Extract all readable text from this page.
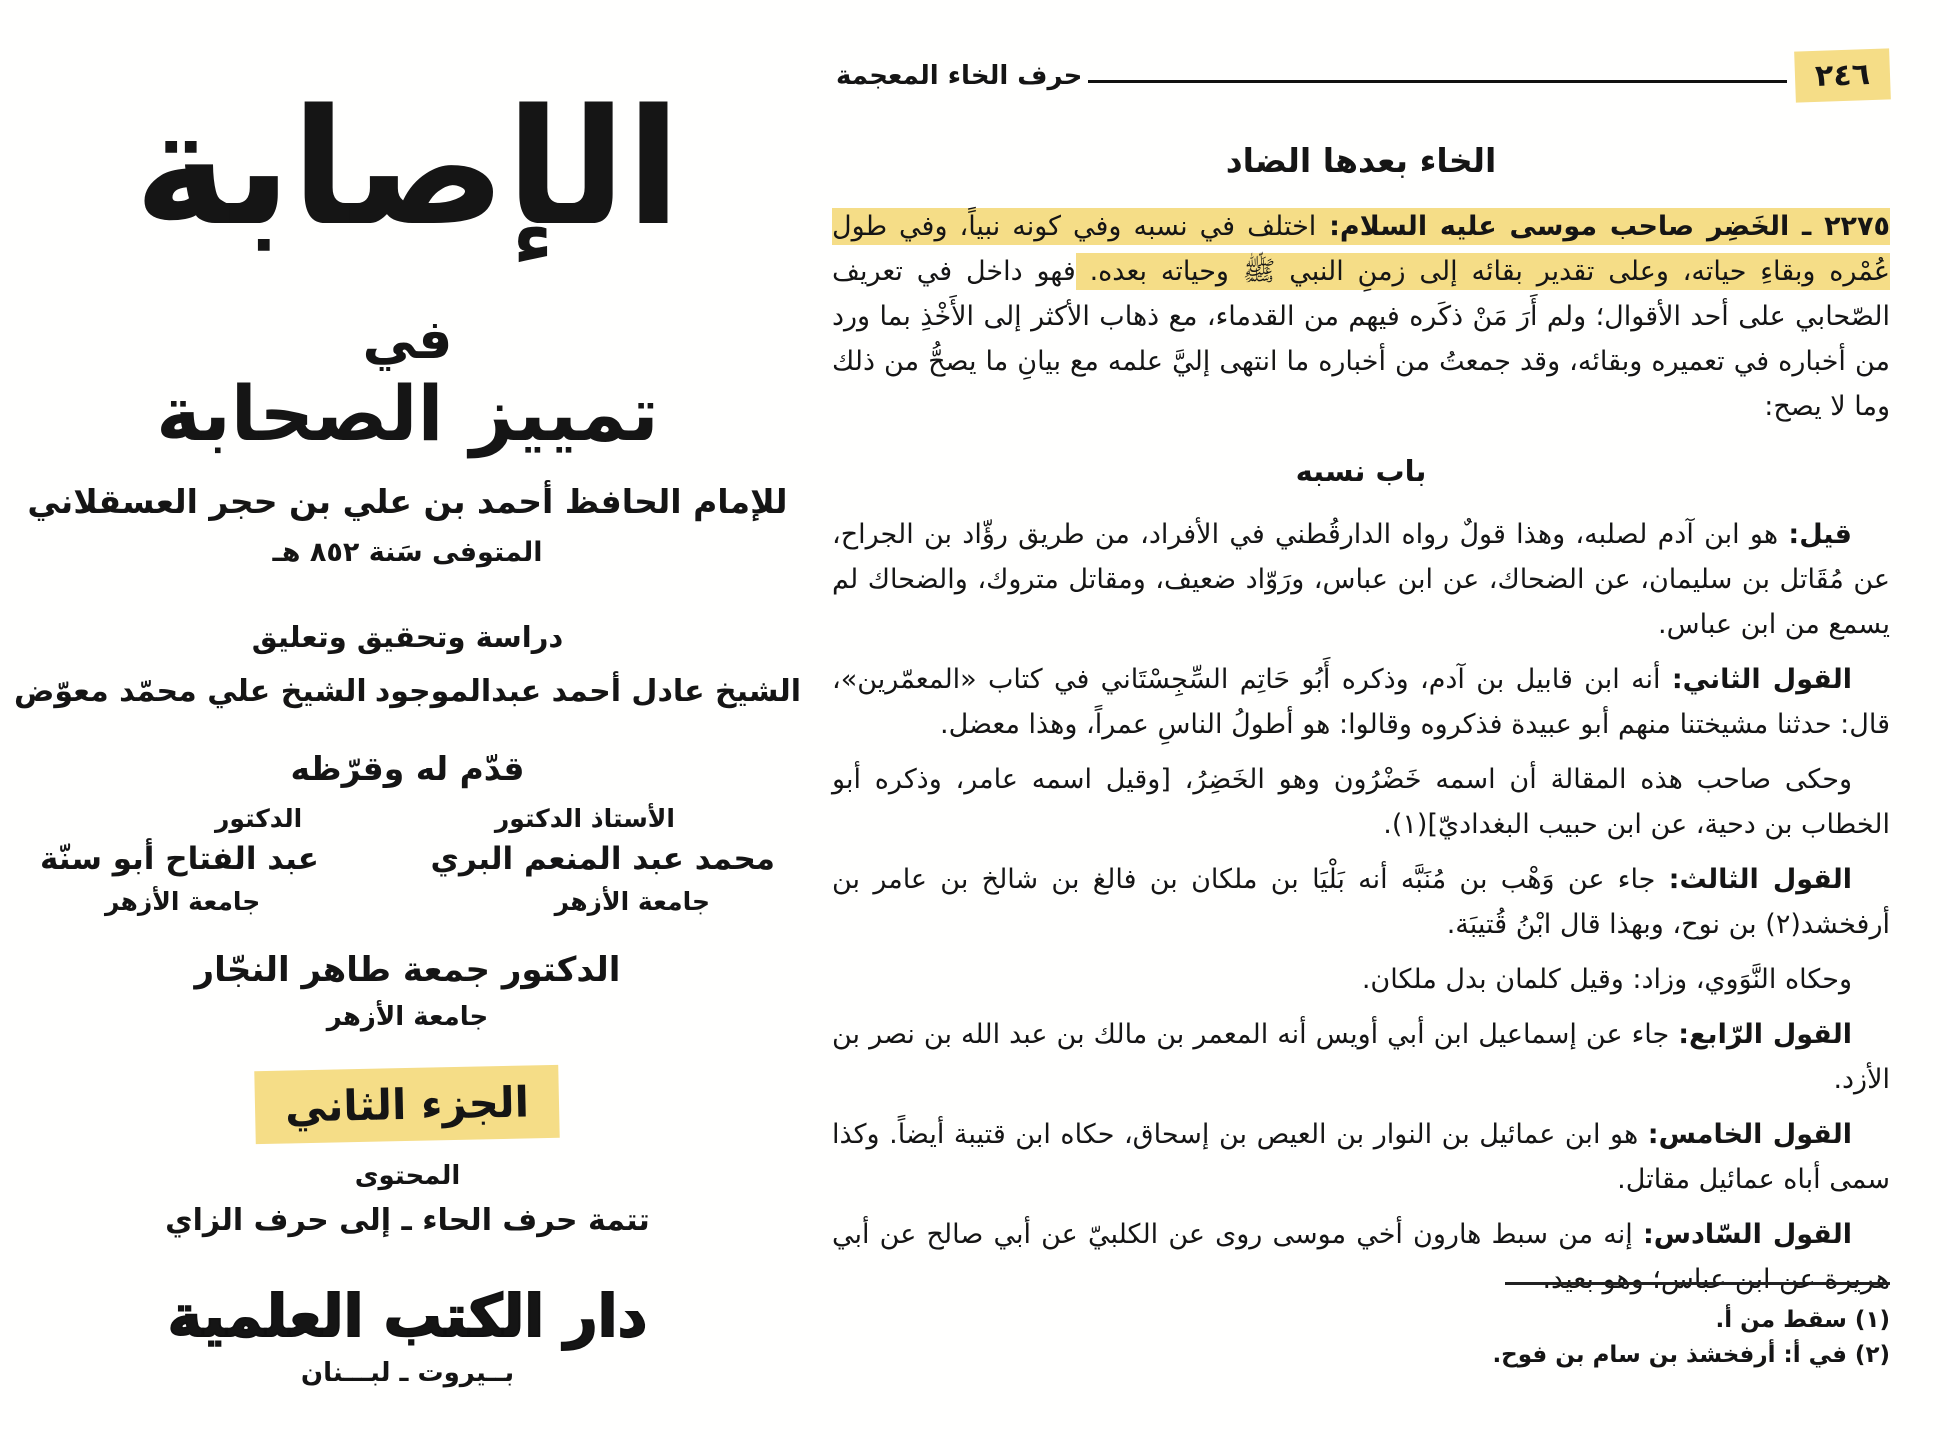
الإصابة
في
تمييز الصحابة
للإمام الحافظ أحمد بن علي بن حجر العسقلاني
المتوفى سَنة ٨٥٢ هـ
دراسة وتحقيق وتعليق
الشيخ عادل أحمد عبدالموجود
الشيخ علي محمّد معوّض
قدّم له وقرّظه
الأستاذ الدكتور
الدكتور
محمد عبد المنعم البري
عبد الفتاح أبو سنّة
جامعة الأزهر
جامعة الأزهر
الدكتور جمعة طاهر النجّار
جامعة الأزهر
الجزء الثاني
المحتوى
تتمة حرف الحاء ـ إلى حرف الزاي
دار الكتب العلمية
بــيروت ـ لبـــنان
٢٤٦
حرف الخاء المعجمة
الخاء بعدها الضاد

٢٢٧٥ ـ الخَضِر صاحب موسى عليه السلام: اختلف في نسبه وفي كونه نبياً، وفي طول عُمْره وبقاءِ حياته، وعلى تقدير بقائه إلى زمنِ النبي ﷺ وحياته بعده. فهو داخل في تعريف الصّحابي على أحد الأقوال؛ ولم أَرَ مَنْ ذكَره فيهم من القدماء، مع ذهاب الأكثر إلى الأَخْذِ بما ورد من أخباره في تعميره وبقائه، وقد جمعتُ من أخباره ما انتهى إليَّ علمه مع بيانِ ما يصحُّ من ذلك وما لا يصح:

باب نسبه

قيل: هو ابن آدم لصلبه، وهذا قولٌ رواه الدارقُطني في الأفراد، من طريق رؤّاد بن الجراح، عن مُقَاتل بن سليمان، عن الضحاك، عن ابن عباس، ورَوّاد ضعيف، ومقاتل متروك، والضحاك لم يسمع من ابن عباس.

القول الثاني: أنه ابن قابيل بن آدم، وذكره أَبُو حَاتِم السِّجِسْتَاني في كتاب «المعمّرين»، قال: حدثنا مشيختنا منهم أبو عبيدة فذكروه وقالوا: هو أطولُ الناسِ عمراً، وهذا معضل.

وحكى صاحب هذه المقالة أن اسمه خَضْرُون وهو الخَضِرُ، [وقيل اسمه عامر، وذكره أبو الخطاب بن دحية، عن ابن حبيب البغداديّ](١).

القول الثالث: جاء عن وَهْب بن مُنَبَّه أنه بَلْيَا بن ملكان بن فالغ بن شالخ بن عامر بن أرفخشد(٢) بن نوح، وبهذا قال ابْنُ قُتيبَة.

وحكاه النَّوَوي، وزاد: وقيل كلمان بدل ملكان.

القول الرّابع: جاء عن إسماعيل ابن أبي أويس أنه المعمر بن مالك بن عبد الله بن نصر بن الأزد.

القول الخامس: هو ابن عمائيل بن النوار بن العيص بن إسحاق، حكاه ابن قتيبة أيضاً. وكذا سمى أباه عمائيل مقاتل.

القول السّادس: إنه من سبط هارون أخي موسى روى عن الكلبيّ عن أبي صالح عن أبي هريرة عن ابن عباس؛ وهو بعيد.

(١) سقط من أ.
(٢) في أ: أرفخشذ بن سام بن فوح.
